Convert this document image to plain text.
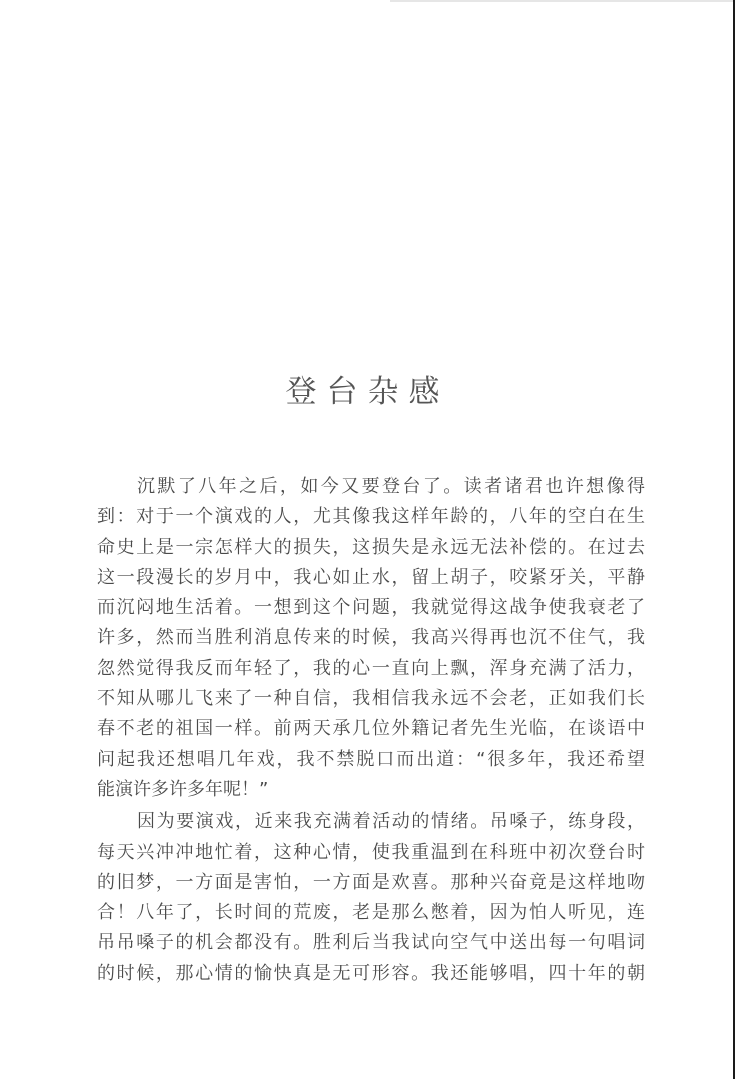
登台杂感
沉默了八年之后，如今又要登台了。读者诸君也许想像得
到：对于一个演戏的人，尤其像我这样年龄的，八年的空白在生
命史上是一宗怎样大的损失，这损失是永远无法补偿的。在过去
这一段漫长的岁月中，我心如止水，留上胡子，咬紧牙关，平静
而沉闷地生活着。一想到这个问题，我就觉得这战争使我衰老了
许多，然而当胜利消息传来的时候，我高兴得再也沉不住气，我
忽然觉得我反而年轻了，我的心一直向上飘，浑身充满了活力，
不知从哪儿飞来了一种自信，我相信我永远不会老，正如我们长
春不老的祖国一样。前两天承几位外籍记者先生光临，在谈语中
问起我还想唱几年戏，我不禁脱口而出道：“很多年，我还希望
能演许多许多年呢！”
因为要演戏，近来我充满着活动的情绪。吊嗓子，练身段，
每天兴冲冲地忙着，这种心情，使我重温到在科班中初次登台时
的旧梦，一方面是害怕，一方面是欢喜。那种兴奋竟是这样地吻
合！八年了，长时间的荒废，老是那么憋着，因为怕人听见，连
吊吊嗓子的机会都没有。胜利后当我试向空气中送出每一句唱词
的时候，那心情的愉快真是无可形容。我还能够唱，四十年的朝
